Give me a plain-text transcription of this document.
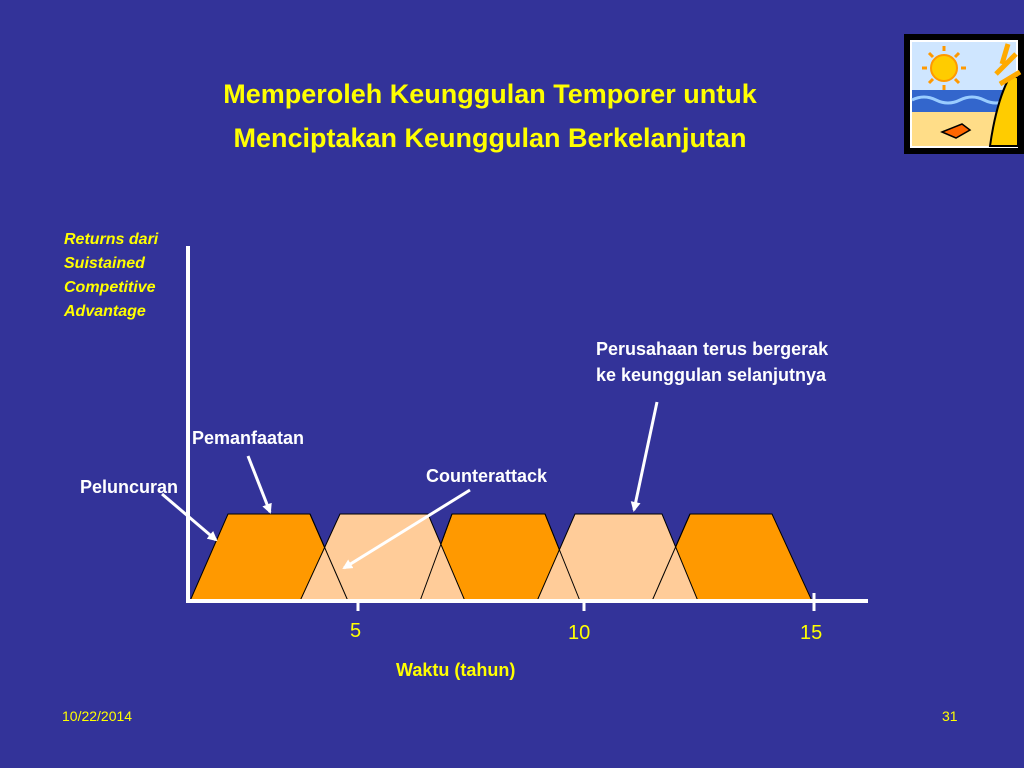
Memperoleh Keunggulan Temporer untuk
Menciptakan Keunggulan Berkelanjutan
Returns dari
Suistained
Competitive
Advantage
Peluncuran
Pemanfaatan
Counterattack
Perusahaan terus bergerak
ke keunggulan selanjutnya
5	10	15
Waktu (tahun)
10/22/2014	31
